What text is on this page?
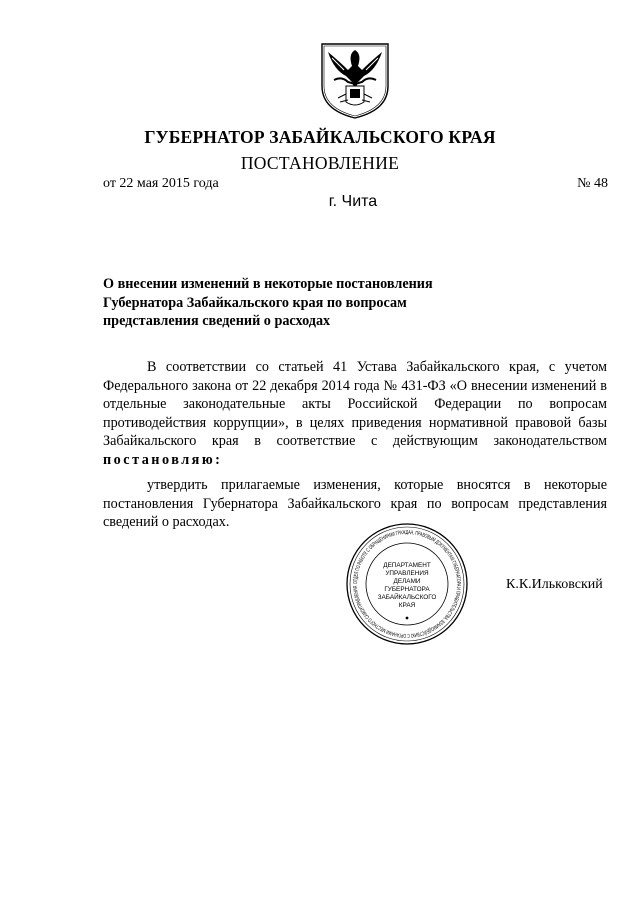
ГУБЕРНАТОР ЗАБАЙКАЛЬСКОГО КРАЯ
ПОСТАНОВЛЕНИЕ
от 22 мая 2015 года	№ 48
г. Чита
О внесении изменений в некоторые постановления
Губернатора Забайкальского края по вопросам
представления сведений о расходах
В соответствии со статьей 41 Устава Забайкальского края, с учетом Федерального закона от 22 декабря 2014 года № 431-ФЗ «О внесении изменений в отдельные законодательные акты Российской Федерации по вопросам противодействия коррупции», в целях приведения нормативной правовой базы Забайкальского края в соответствие с действующим законодательством постановляю:
утвердить прилагаемые изменения, которые вносятся в некоторые постановления Губернатора Забайкальского края по вопросам представления сведений о расходах.
ОТДЕЛ ПО РАБОТЕ С ОБРАЩЕНИЯМИ ГРАЖДАН, ПРАВОВЫМ ДОКУМЕНТАМ ГУБЕРНАТОРА И ПРАВИТЕЛЬСТВА, ВЗАИМОДЕЙСТВИЮ С ОРГАНАМИ МЕСТНОГО САМОУПРАВЛЕНИЯ
ДЕПАРТАМЕНТ
УПРАВЛЕНИЯ
ДЕЛАМИ
ГУБЕРНАТОРА
ЗАБАЙКАЛЬСКОГО
КРАЯ
К.К.Ильковский
